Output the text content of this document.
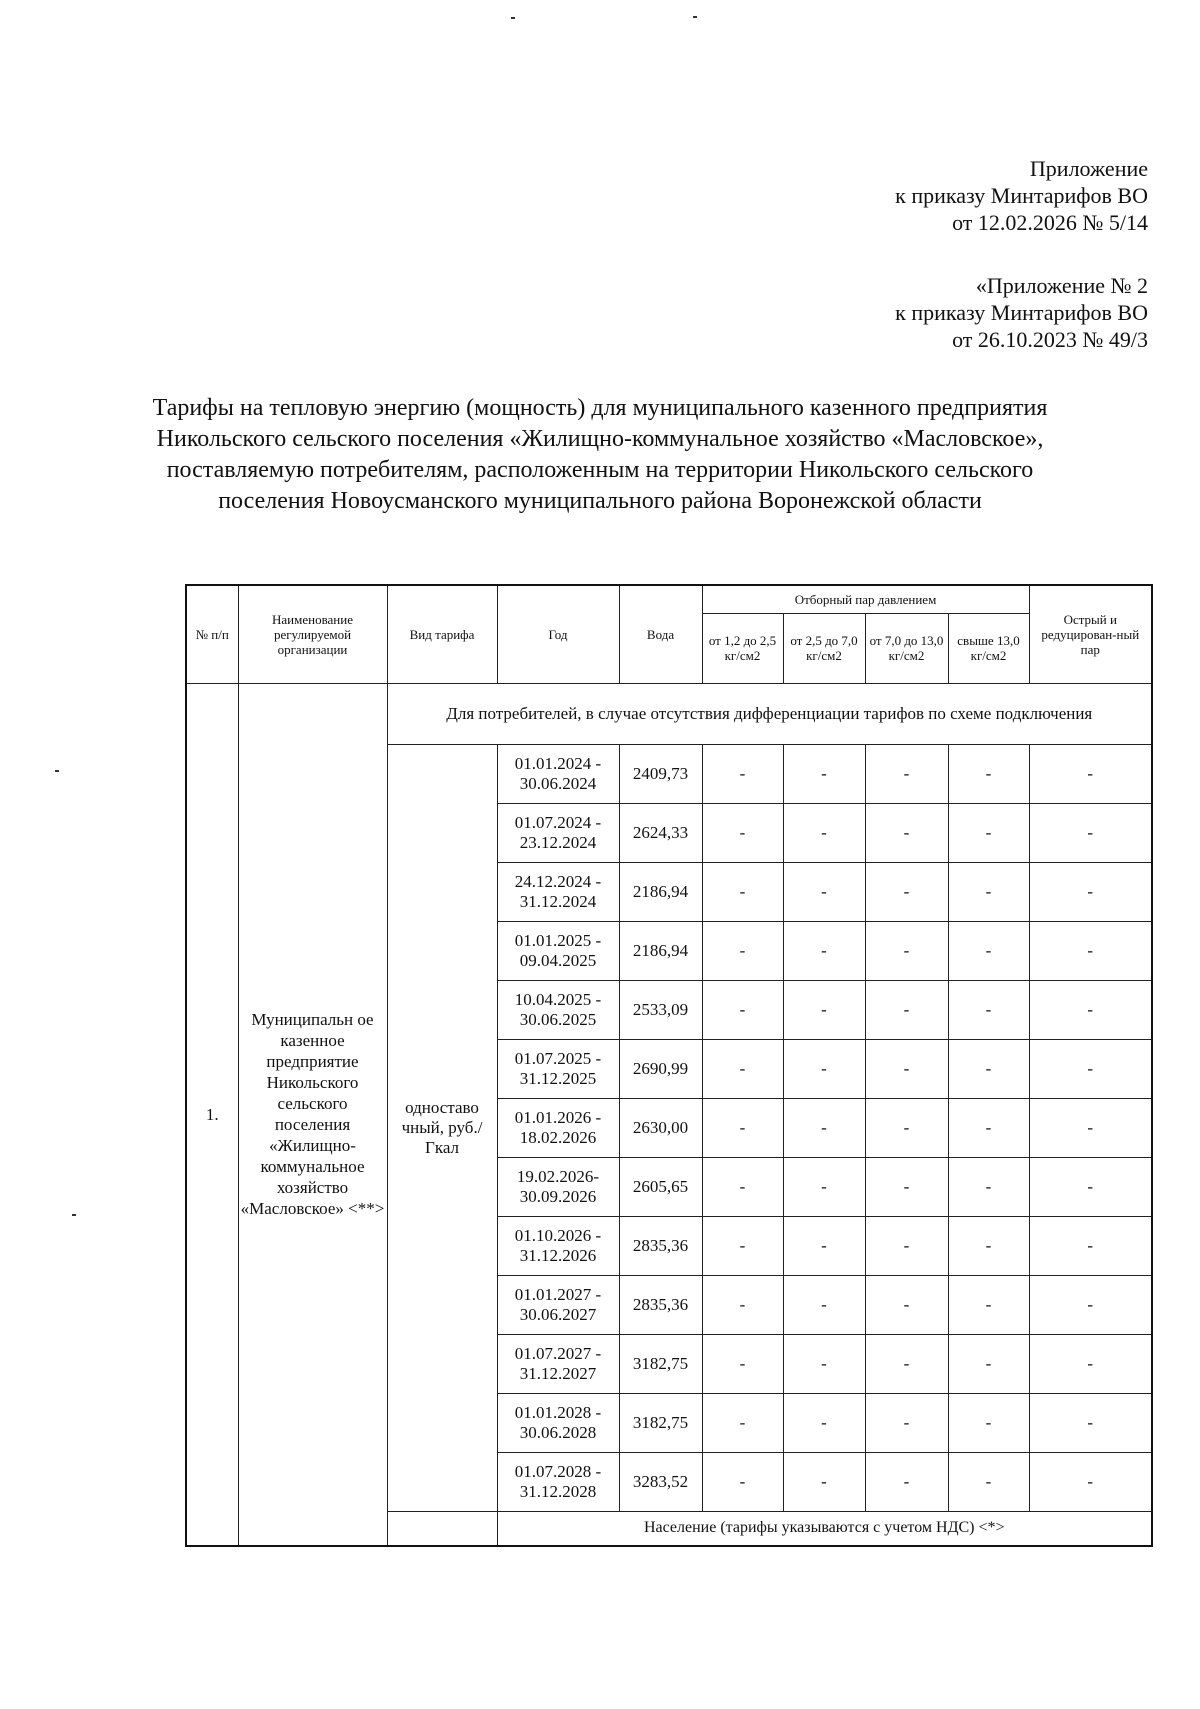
Приложение
к приказу Минтарифов ВО
от 12.02.2026 № 5/14
«Приложение № 2
к приказу Минтарифов ВО
от 26.10.2023 № 49/3
Тарифы на тепловую энергию (мощность) для муниципального казенного предприятия Никольского сельского поселения «Жилищно-коммунальное хозяйство «Масловское», поставляемую потребителям, расположенным на территории Никольского сельского поселения Новоусманского муниципального района Воронежской области
№ п/п	Наименование регулируемой организации	Вид тарифа	Год	Вода	Отборный пар давлением				Острый и редуцирован-ный пар
					от 1,2 до 2,5 кг/см2	от 2,5 до 7,0 кг/см2	от 7,0 до 13,0 кг/см2	свыше 13,0 кг/см2	
1.	Муниципальн ое казенное предприятие Никольского сельского поселения «Жилищно-коммунальное хозяйство «Масловское» <**>	Для потребителей, в случае отсутствия дифференциации тарифов по схеме подключения							
		одноставо чный, руб./Гкал	01.01.2024 - 30.06.2024	2409,73	-	-	-	-	-
			01.07.2024 - 23.12.2024	2624,33	-	-	-	-	-
			24.12.2024 - 31.12.2024	2186,94	-	-	-	-	-
			01.01.2025 - 09.04.2025	2186,94	-	-	-	-	-
			10.04.2025 - 30.06.2025	2533,09	-	-	-	-	-
			01.07.2025 - 31.12.2025	2690,99	-	-	-	-	-
			01.01.2026 - 18.02.2026	2630,00	-	-	-	-	-
			19.02.2026- 30.09.2026	2605,65	-	-	-	-	-
			01.10.2026 - 31.12.2026	2835,36	-	-	-	-	-
			01.01.2027 - 30.06.2027	2835,36	-	-	-	-	-
			01.07.2027 - 31.12.2027	3182,75	-	-	-	-	-
			01.01.2028 - 30.06.2028	3182,75	-	-	-	-	-
			01.07.2028 - 31.12.2028	3283,52	-	-	-	-	-
			Население (тарифы указываются с учетом НДС) <*>						
